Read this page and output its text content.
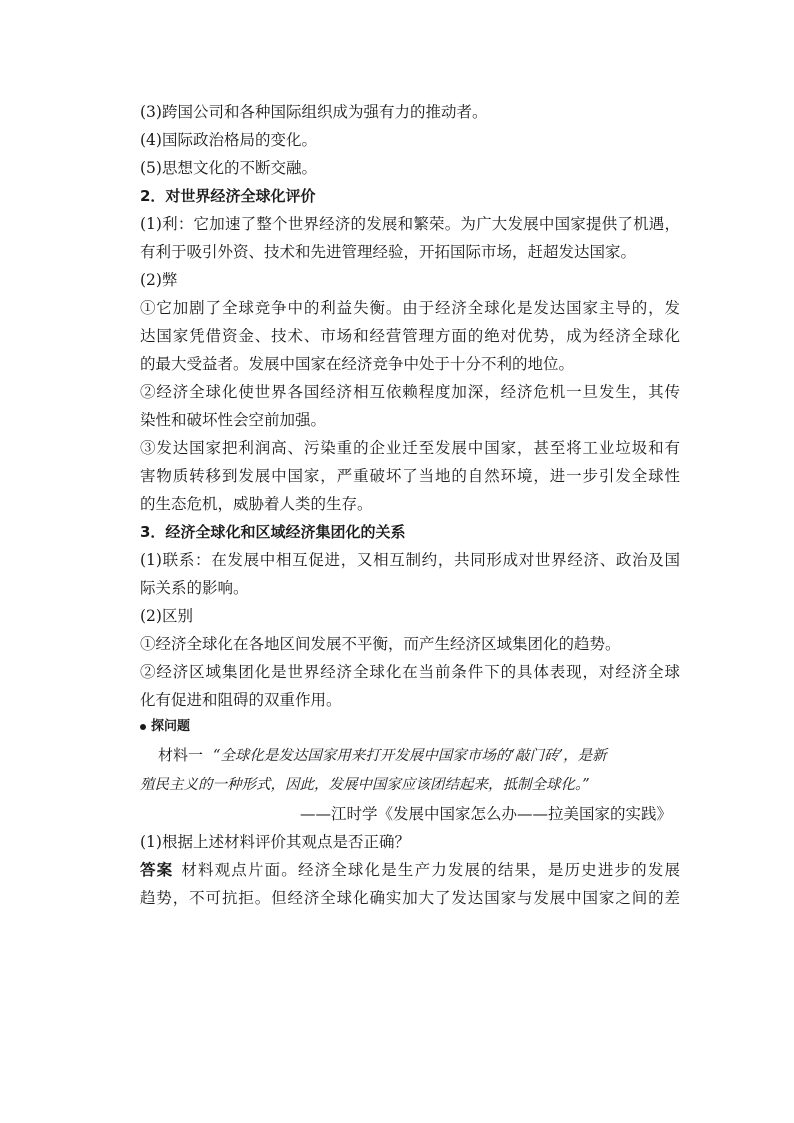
(3)跨国公司和各种国际组织成为强有力的推动者。
(4)国际政治格局的变化。
(5)思想文化的不断交融。
2．对世界经济全球化评价
(1)利：它加速了整个世界经济的发展和繁荣。为广大发展中国家提供了机遇，
有利于吸引外资、技术和先进管理经验，开拓国际市场，赶超发达国家。
(2)弊
①它加剧了全球竞争中的利益失衡。由于经济全球化是发达国家主导的，发
达国家凭借资金、技术、市场和经营管理方面的绝对优势，成为经济全球化
的最大受益者。发展中国家在经济竞争中处于十分不利的地位。
②经济全球化使世界各国经济相互依赖程度加深，经济危机一旦发生，其传
染性和破坏性会空前加强。
③发达国家把利润高、污染重的企业迁至发展中国家，甚至将工业垃圾和有
害物质转移到发展中国家，严重破坏了当地的自然环境，进一步引发全球性
的生态危机，威胁着人类的生存。
3．经济全球化和区域经济集团化的关系
(1)联系：在发展中相互促进，又相互制约，共同形成对世界经济、政治及国
际关系的影响。
(2)区别
①经济全球化在各地区间发展不平衡，而产生经济区域集团化的趋势。
②经济区域集团化是世界经济全球化在当前条件下的具体表现，对经济全球
化有促进和阻碍的双重作用。
探问题
材料一 “全球化是发达国家用来打开发展中国家市场的‘敲门砖’，是新
殖民主义的一种形式，因此，发展中国家应该团结起来，抵制全球化。”
——江时学《发展中国家怎么办——拉美国家的实践》
(1)根据上述材料评价其观点是否正确？
答案 材料观点片面。经济全球化是生产力发展的结果，是历史进步的发展
趋势，不可抗拒。但经济全球化确实加大了发达国家与发展中国家之间的差
